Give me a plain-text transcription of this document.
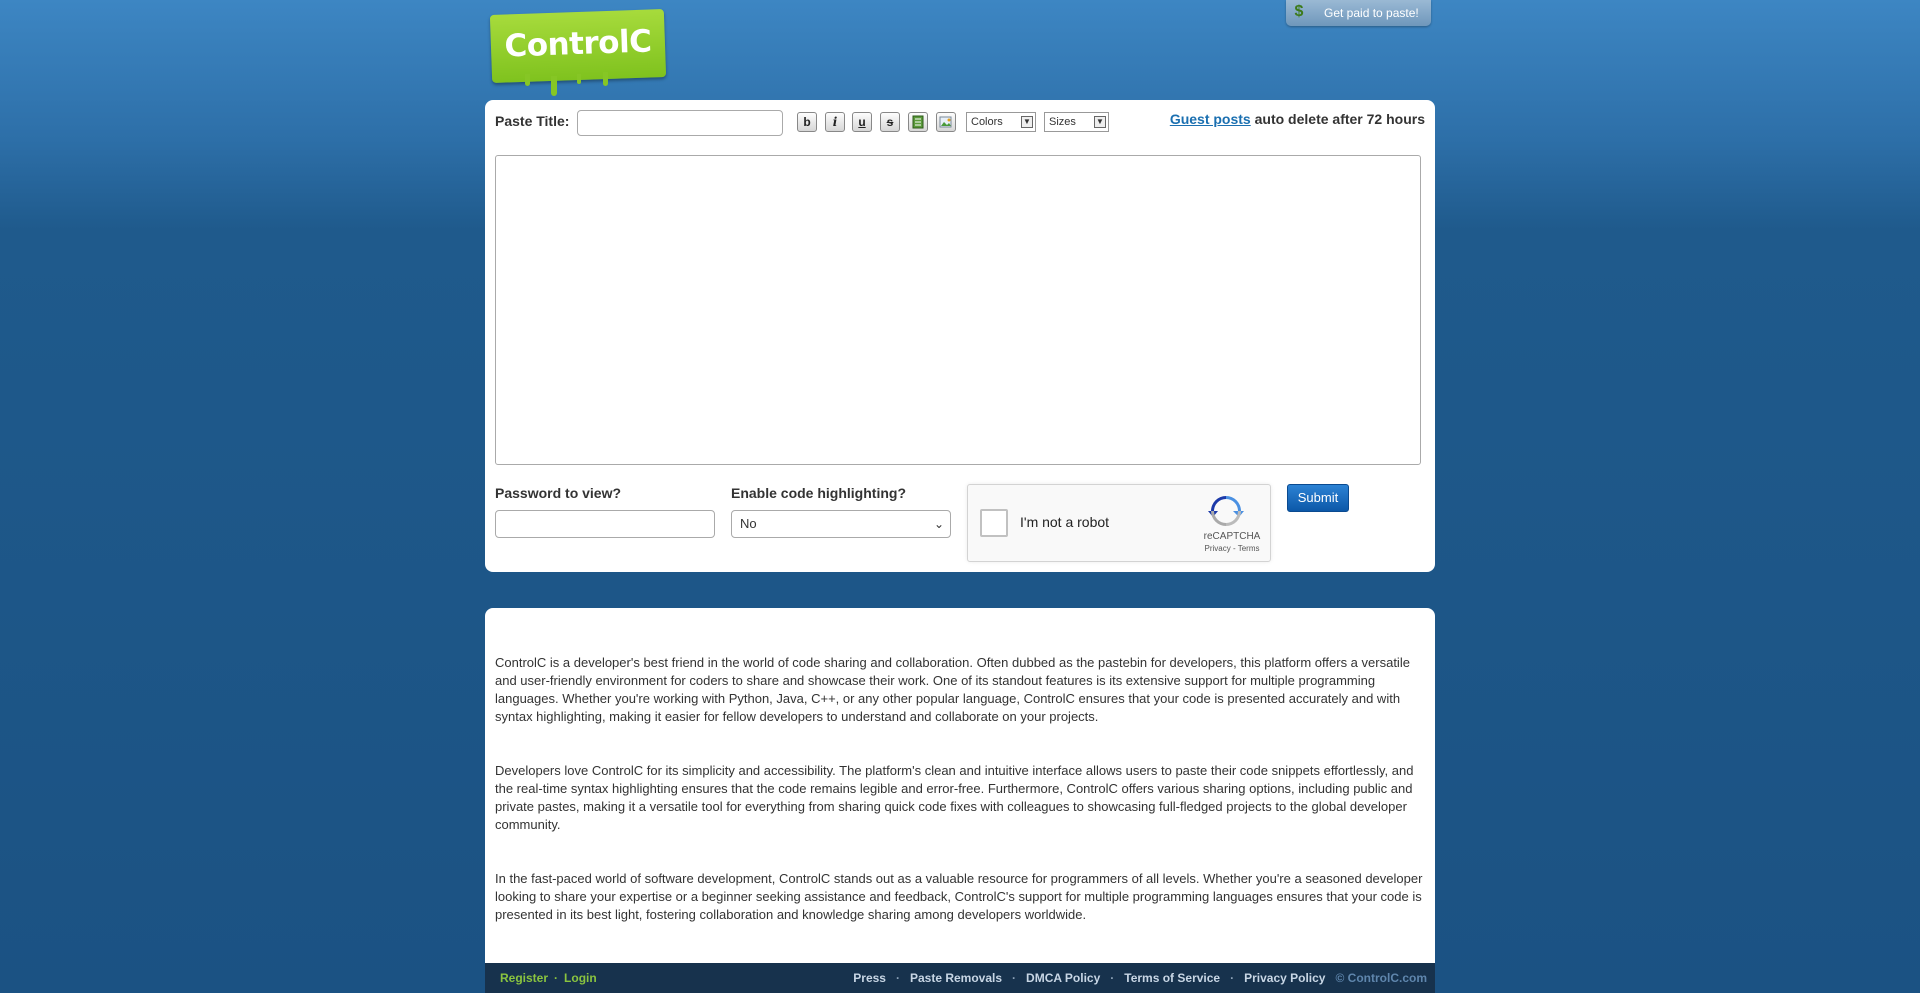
ControlC
$	Get paid to paste!
Paste Title:	b	i	u	s	Colors	▼	Sizes	▼	Guest posts auto delete after 72 hours
Password to view?	Enable code highlighting?
No	⌄	I'm not a robot
reCAPTCHA
Privacy - Terms
Submit

ControlC is a developer's best friend in the world of code sharing and collaboration. Often dubbed as the pastebin for developers, this platform offers a versatile and user-friendly environment for coders to share and showcase their work. One of its standout features is its extensive support for multiple programming languages. Whether you're working with Python, Java, C++, or any other popular language, ControlC ensures that your code is presented accurately and with syntax highlighting, making it easier for fellow developers to understand and collaborate on your projects.

Developers love ControlC for its simplicity and accessibility. The platform's clean and intuitive interface allows users to paste their code snippets effortlessly, and the real-time syntax highlighting ensures that the code remains legible and error-free. Furthermore, ControlC offers various sharing options, including public and private pastes, making it a versatile tool for everything from sharing quick code fixes with colleagues to showcasing full-fledged projects to the global developer community.

In the fast-paced world of software development, ControlC stands out as a valuable resource for programmers of all levels. Whether you're a seasoned developer looking to share your expertise or a beginner seeking assistance and feedback, ControlC's support for multiple programming languages ensures that your code is presented in its best light, fostering collaboration and knowledge sharing among developers worldwide.

Register · Login	Press · Paste Removals · DMCA Policy · Terms of Service · Privacy Policy © ControlC.com
